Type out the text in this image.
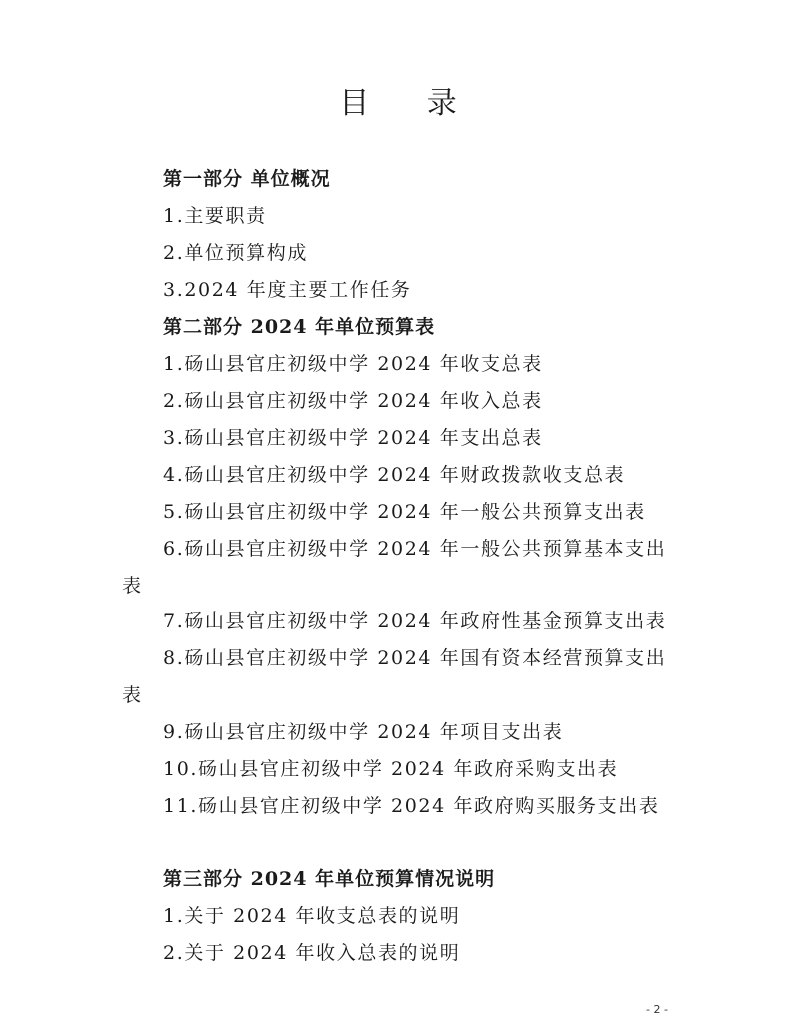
目 录
第一部分 单位概况
1.主要职责
2.单位预算构成
3.2024 年度主要工作任务
第二部分 2024 年单位预算表
1.砀山县官庄初级中学 2024 年收支总表
2.砀山县官庄初级中学 2024 年收入总表
3.砀山县官庄初级中学 2024 年支出总表
4.砀山县官庄初级中学 2024 年财政拨款收支总表
5.砀山县官庄初级中学 2024 年一般公共预算支出表
6.砀山县官庄初级中学 2024 年一般公共预算基本支出
表
7.砀山县官庄初级中学 2024 年政府性基金预算支出表
8.砀山县官庄初级中学 2024 年国有资本经营预算支出
表
9.砀山县官庄初级中学 2024 年项目支出表
10.砀山县官庄初级中学 2024 年政府采购支出表
11.砀山县官庄初级中学 2024 年政府购买服务支出表
第三部分 2024 年单位预算情况说明
1.关于 2024 年收支总表的说明
2.关于 2024 年收入总表的说明
- 2 -
